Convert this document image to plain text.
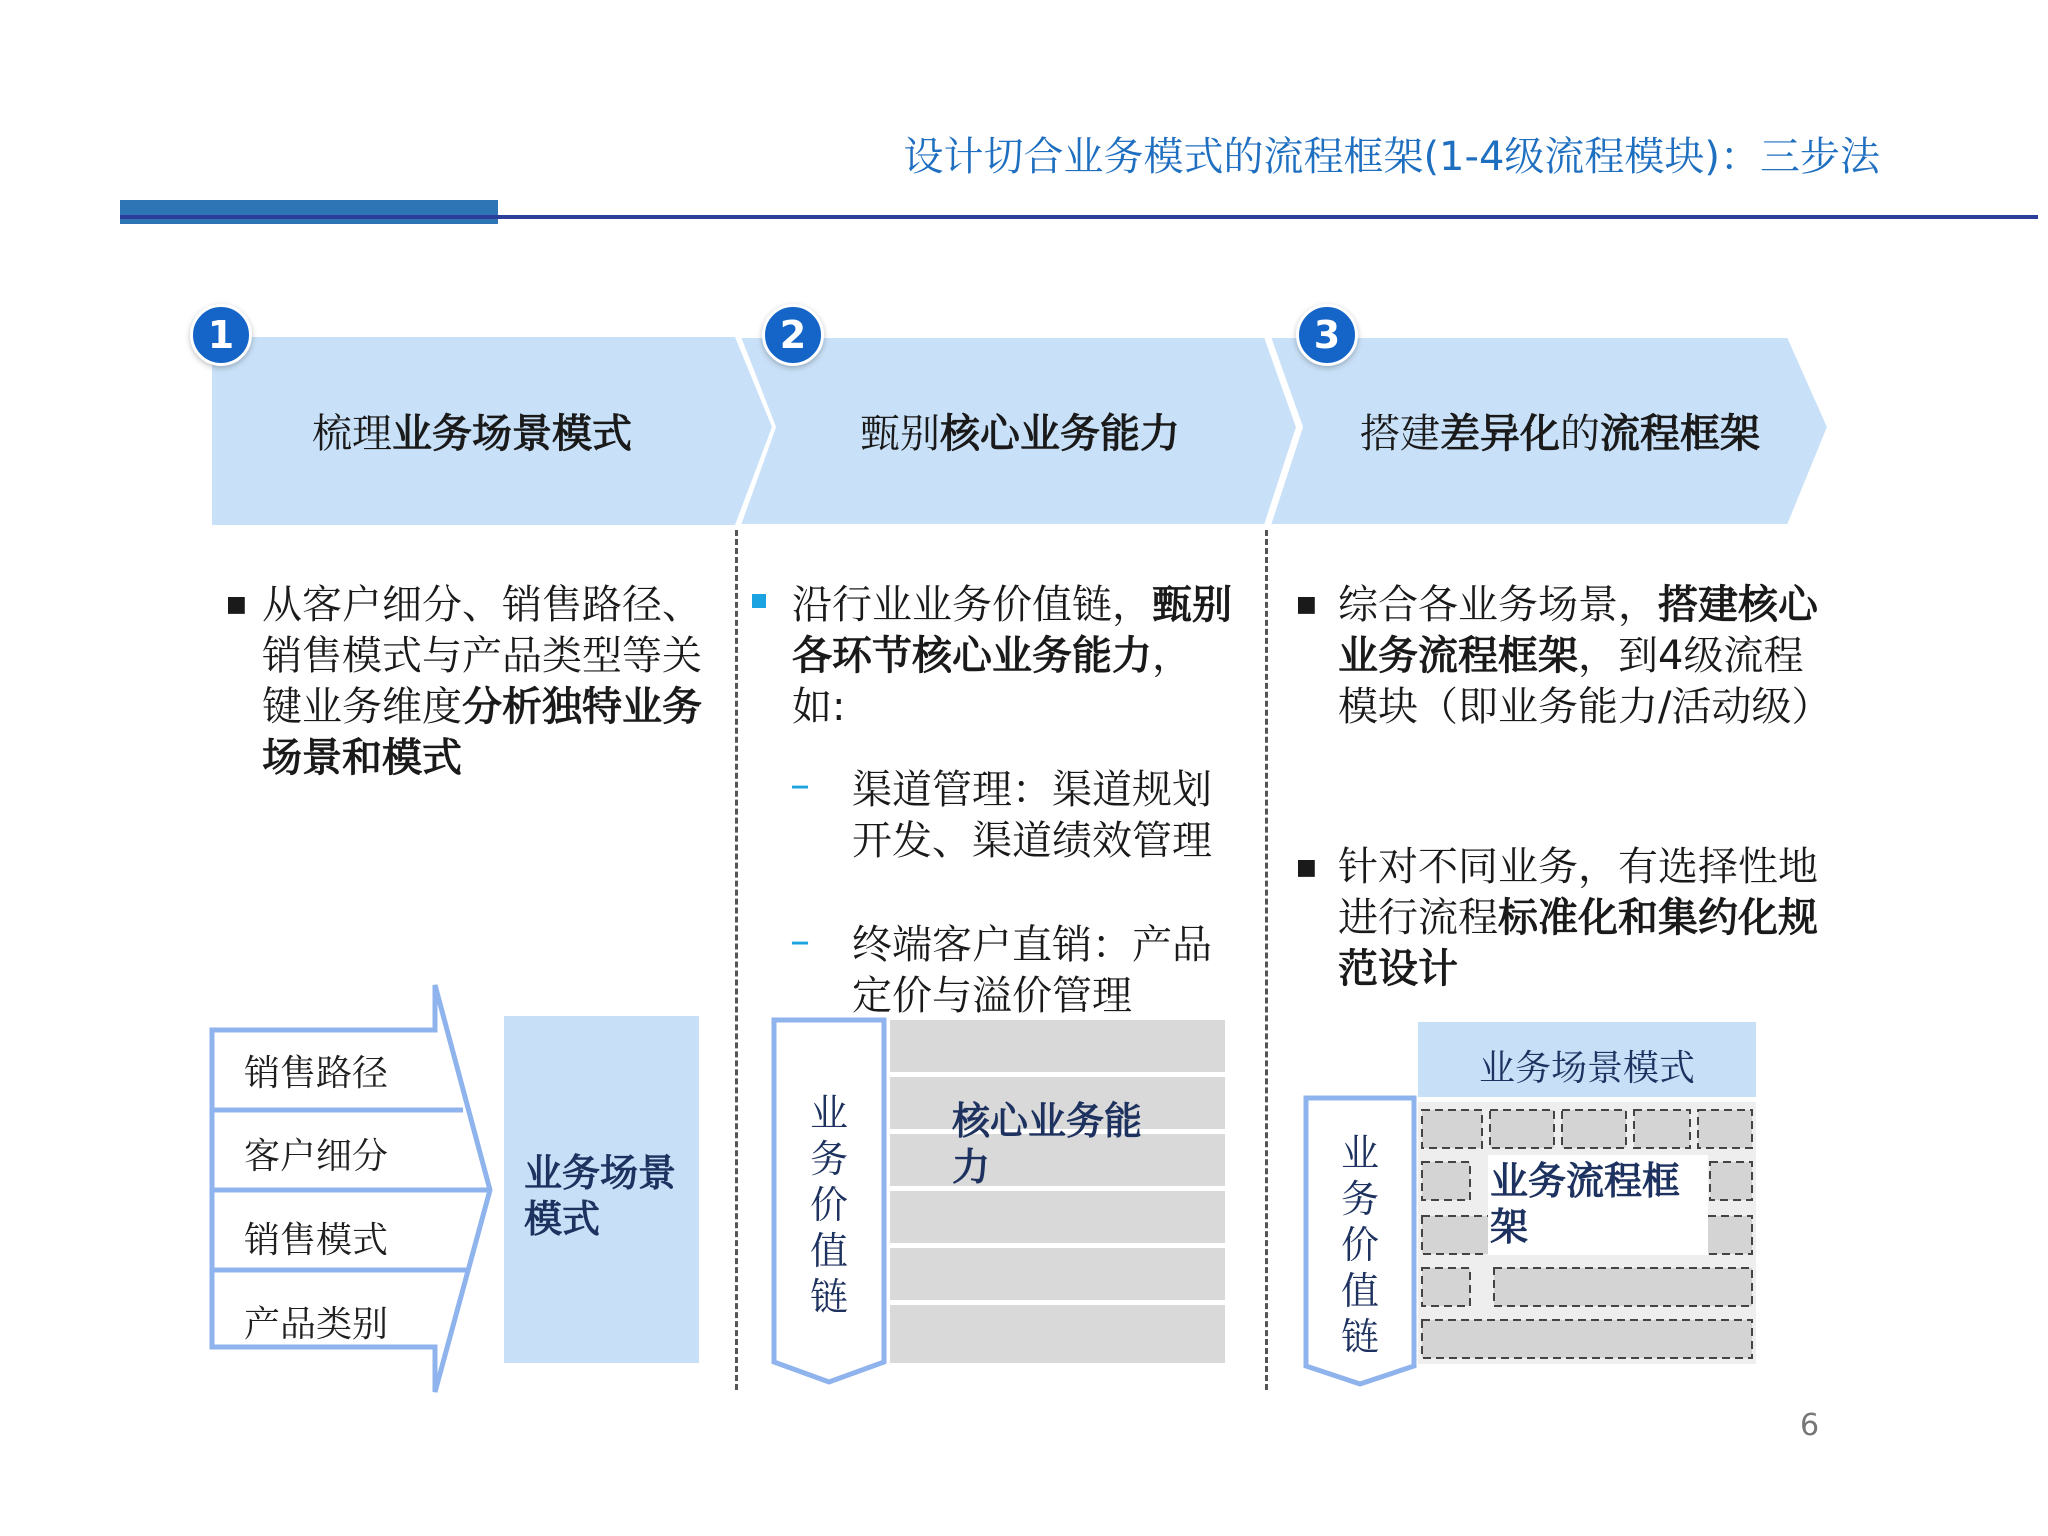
设计切合业务模式的流程框架(1-4级流程模块)：三步法
1	2	3
梳理业务场景模式	甄别核心业务能力	搭建差异化的流程框架
■ 从客户细分、销售路径、销售模式与产品类型等关键业务维度分析独特业务场景和模式
销售路径
客户细分
销售模式
产品类别
业务场景模式
沿行业业务价值链，甄别各环节核心业务能力，如:
– 渠道管理：渠道规划开发、渠道绩效管理
– 终端客户直销：产品定价与溢价管理
业务价值链
核心业务能力
■ 综合各业务场景，搭建核心业务流程框架，到4级流程模块（即业务能力/活动级）
■ 针对不同业务，有选择性地进行流程标准化和集约化规范设计
业务场景模式
业务流程框架
业务价值链
6
